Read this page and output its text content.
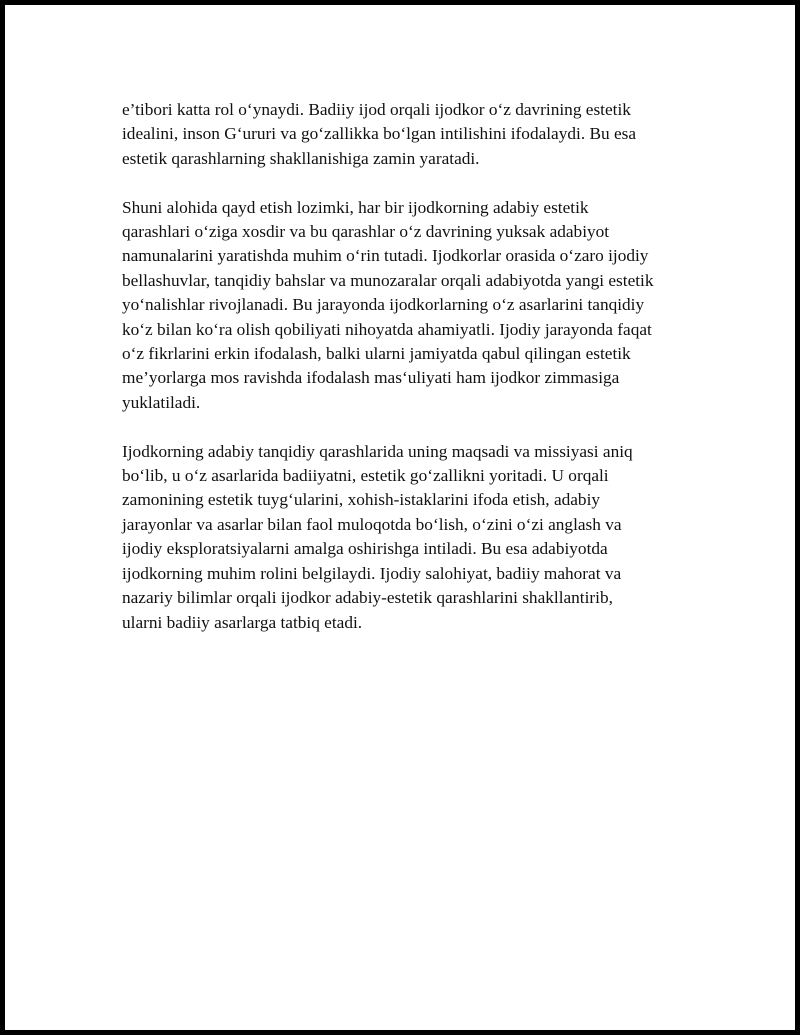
e’tibori katta rol o‘ynaydi. Badiiy ijod orqali ijodkor o‘z davrining estetik
idealini, inson G‘ururi va go‘zallikka bo‘lgan intilishini ifodalaydi. Bu esa
estetik qarashlarning shakllanishiga zamin yaratadi.

Shuni alohida qayd etish lozimki, har bir ijodkorning adabiy estetik
qarashlari o‘ziga xosdir va bu qarashlar o‘z davrining yuksak adabiyot
namunalarini yaratishda muhim o‘rin tutadi. Ijodkorlar orasida o‘zaro ijodiy
bellashuvlar, tanqidiy bahslar va munozaralar orqali adabiyotda yangi estetik
yo‘nalishlar rivojlanadi. Bu jarayonda ijodkorlarning o‘z asarlarini tanqidiy
ko‘z bilan ko‘ra olish qobiliyati nihoyatda ahamiyatli. Ijodiy jarayonda faqat
o‘z fikrlarini erkin ifodalash, balki ularni jamiyatda qabul qilingan estetik
me’yorlarga mos ravishda ifodalash mas‘uliyati ham ijodkor zimmasiga
yuklatiladi.

Ijodkorning adabiy tanqidiy qarashlarida uning maqsadi va missiyasi aniq
bo‘lib, u o‘z asarlarida badiiyatni, estetik go‘zallikni yoritadi. U orqali
zamonining estetik tuyg‘ularini, xohish-istaklarini ifoda etish, adabiy
jarayonlar va asarlar bilan faol muloqotda bo‘lish, o‘zini o‘zi anglash va
ijodiy eksploratsiyalarni amalga oshirishga intiladi. Bu esa adabiyotda
ijodkorning muhim rolini belgilaydi. Ijodiy salohiyat, badiiy mahorat va
nazariy bilimlar orqali ijodkor adabiy-estetik qarashlarini shakllantirib,
ularni badiiy asarlarga tatbiq etadi.
